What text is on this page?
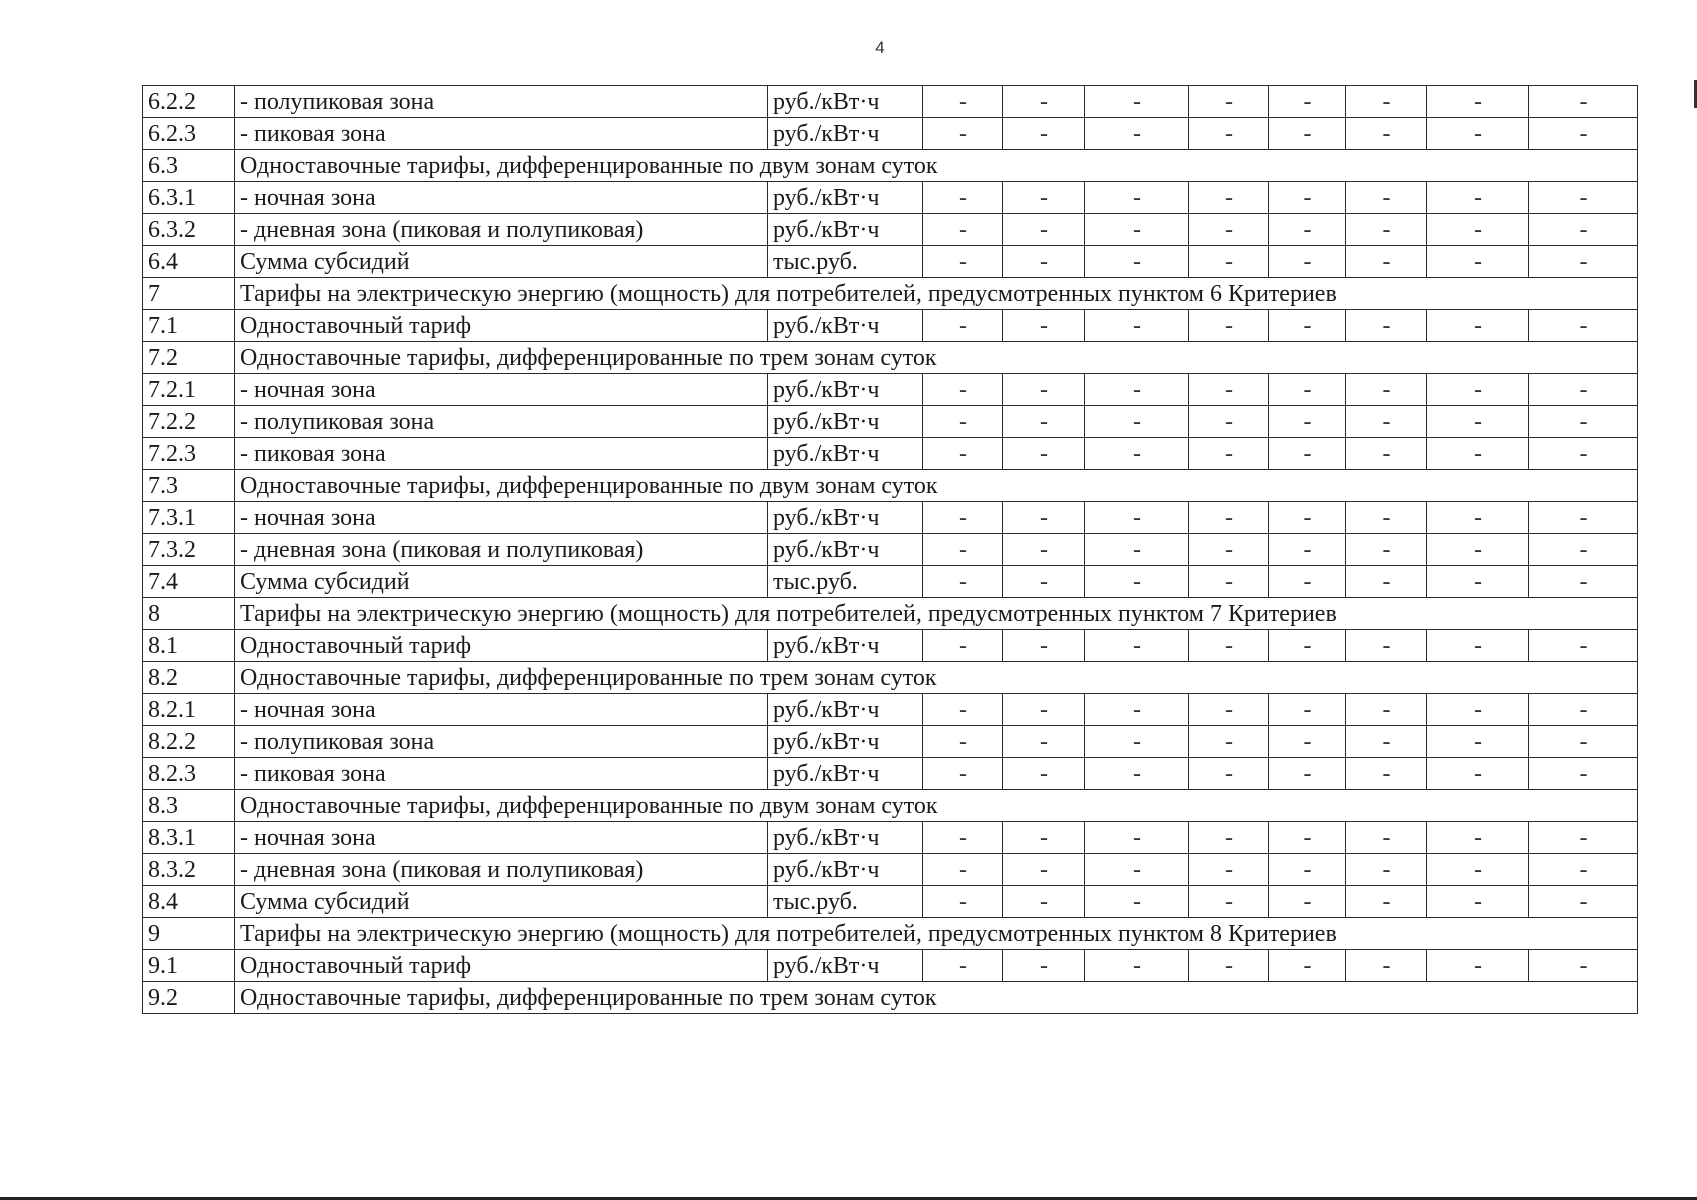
4
6.2.2	- полупиковая зона	руб./кВт·ч	-	-	-	-	-	-	-	-
6.2.3	- пиковая зона	руб./кВт·ч	-	-	-	-	-	-	-	-
6.3	Одноставочные тарифы, дифференцированные по двум зонам суток									
6.3.1	- ночная зона	руб./кВт·ч	-	-	-	-	-	-	-	-
6.3.2	- дневная зона (пиковая и полупиковая)	руб./кВт·ч	-	-	-	-	-	-	-	-
6.4	Сумма субсидий	тыс.руб.	-	-	-	-	-	-	-	-
7	Тарифы на электрическую энергию (мощность) для потребителей, предусмотренных пунктом 6 Критериев									
7.1	Одноставочный тариф	руб./кВт·ч	-	-	-	-	-	-	-	-
7.2	Одноставочные тарифы, дифференцированные по трем зонам суток									
7.2.1	- ночная зона	руб./кВт·ч	-	-	-	-	-	-	-	-
7.2.2	- полупиковая зона	руб./кВт·ч	-	-	-	-	-	-	-	-
7.2.3	- пиковая зона	руб./кВт·ч	-	-	-	-	-	-	-	-
7.3	Одноставочные тарифы, дифференцированные по двум зонам суток									
7.3.1	- ночная зона	руб./кВт·ч	-	-	-	-	-	-	-	-
7.3.2	- дневная зона (пиковая и полупиковая)	руб./кВт·ч	-	-	-	-	-	-	-	-
7.4	Сумма субсидий	тыс.руб.	-	-	-	-	-	-	-	-
8	Тарифы на электрическую энергию (мощность) для потребителей, предусмотренных пунктом 7 Критериев									
8.1	Одноставочный тариф	руб./кВт·ч	-	-	-	-	-	-	-	-
8.2	Одноставочные тарифы, дифференцированные по трем зонам суток									
8.2.1	- ночная зона	руб./кВт·ч	-	-	-	-	-	-	-	-
8.2.2	- полупиковая зона	руб./кВт·ч	-	-	-	-	-	-	-	-
8.2.3	- пиковая зона	руб./кВт·ч	-	-	-	-	-	-	-	-
8.3	Одноставочные тарифы, дифференцированные по двум зонам суток									
8.3.1	- ночная зона	руб./кВт·ч	-	-	-	-	-	-	-	-
8.3.2	- дневная зона (пиковая и полупиковая)	руб./кВт·ч	-	-	-	-	-	-	-	-
8.4	Сумма субсидий	тыс.руб.	-	-	-	-	-	-	-	-
9	Тарифы на электрическую энергию (мощность) для потребителей, предусмотренных пунктом 8 Критериев									
9.1	Одноставочный тариф	руб./кВт·ч	-	-	-	-	-	-	-	-
9.2	Одноставочные тарифы, дифференцированные по трем зонам суток									
